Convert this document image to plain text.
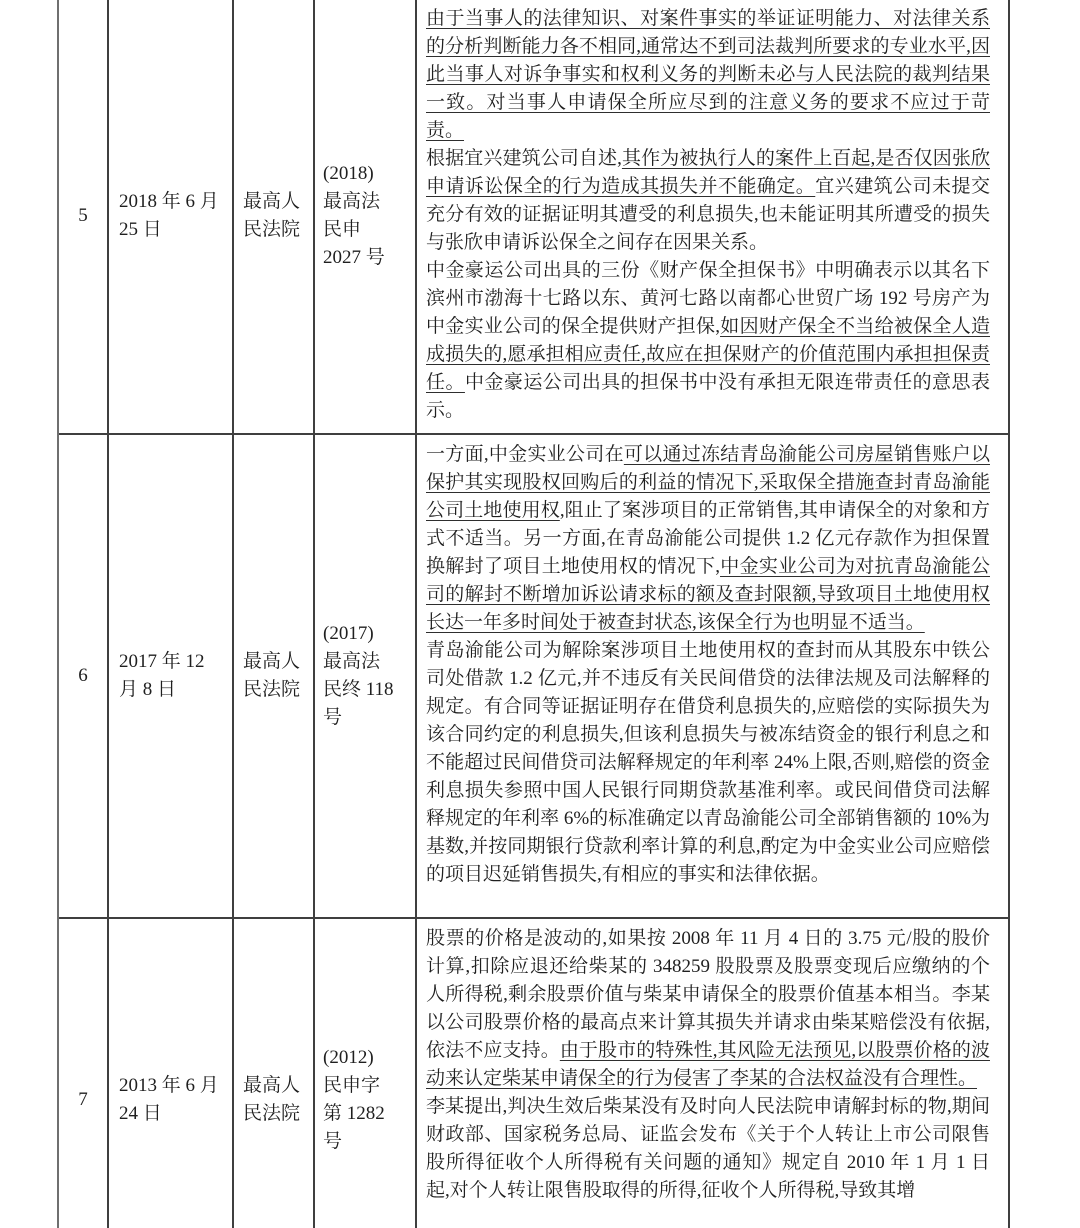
5
2018 年 6 月
25 日
最高人
民法院
(2018)
最高法
民申
2027 号

由于当事人的法律知识、对案件事实的举证证明能力、对法律关系的分析判断能力各不相同,通常达不到司法裁判所要求的专业水平,因此当事人对诉争事实和权利义务的判断未必与人民法院的裁判结果一致。对当事人申请保全所应尽到的注意义务的要求不应过于苛责。

根据宜兴建筑公司自述,其作为被执行人的案件上百起,是否仅因张欣申请诉讼保全的行为造成其损失并不能确定。宜兴建筑公司未提交充分有效的证据证明其遭受的利息损失,也未能证明其所遭受的损失与张欣申请诉讼保全之间存在因果关系。

中金豪运公司出具的三份《财产保全担保书》中明确表示以其名下滨州市渤海十七路以东、黄河七路以南都心世贸广场 192 号房产为中金实业公司的保全提供财产担保,如因财产保全不当给被保全人造成损失的,愿承担相应责任,故应在担保财产的价值范围内承担担保责任。中金豪运公司出具的担保书中没有承担无限连带责任的意思表示。

6
2017 年 12
月 8 日
最高人
民法院
(2017)
最高法
民终 118
号

一方面,中金实业公司在可以通过冻结青岛渝能公司房屋销售账户以保护其实现股权回购后的利益的情况下,采取保全措施查封青岛渝能公司土地使用权,阻止了案涉项目的正常销售,其申请保全的对象和方式不适当。另一方面,在青岛渝能公司提供 1.2 亿元存款作为担保置换解封了项目土地使用权的情况下,中金实业公司为对抗青岛渝能公司的解封不断增加诉讼请求标的额及查封限额,导致项目土地使用权长达一年多时间处于被查封状态,该保全行为也明显不适当。

青岛渝能公司为解除案涉项目土地使用权的查封而从其股东中铁公司处借款 1.2 亿元,并不违反有关民间借贷的法律法规及司法解释的规定。有合同等证据证明存在借贷利息损失的,应赔偿的实际损失为该合同约定的利息损失,但该利息损失与被冻结资金的银行利息之和不能超过民间借贷司法解释规定的年利率 24%上限,否则,赔偿的资金利息损失参照中国人民银行同期贷款基准利率。或民间借贷司法解释规定的年利率 6%的标准确定以青岛渝能公司全部销售额的 10%为基数,并按同期银行贷款利率计算的利息,酌定为中金实业公司应赔偿的项目迟延销售损失,有相应的事实和法律依据。

7
2013 年 6 月
24 日
最高人
民法院
(2012)
民申字
第 1282
号

股票的价格是波动的,如果按 2008 年 11 月 4 日的 3.75 元/股的股价计算,扣除应退还给柴某的 348259 股股票及股票变现后应缴纳的个人所得税,剩余股票价值与柴某申请保全的股票价值基本相当。李某以公司股票价格的最高点来计算其损失并请求由柴某赔偿没有依据,依法不应支持。由于股市的特殊性,其风险无法预见,以股票价格的波动来认定柴某申请保全的行为侵害了李某的合法权益没有合理性。

李某提出,判决生效后柴某没有及时向人民法院申请解封标的物,期间财政部、国家税务总局、证监会发布《关于个人转让上市公司限售股所得征收个人所得税有关问题的通知》规定自 2010 年 1 月 1 日起,对个人转让限售股取得的所得,征收个人所得税,导致其增
